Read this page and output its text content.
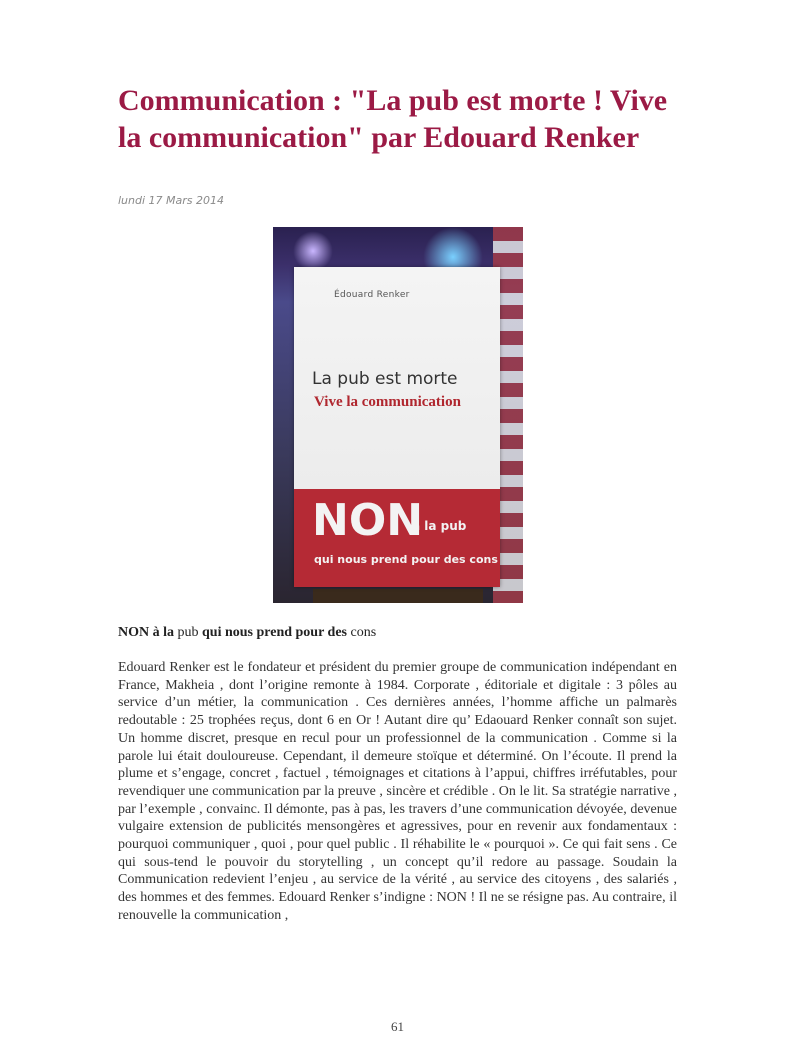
Communication : "La pub est morte ! Vive la communication" par Edouard Renker
lundi 17 Mars 2014
Édouard Renker
La pub est morte
Vive la communication
NON
à la pub
qui nous prend pour des cons
NON à la pub qui nous prend pour des cons

Edouard Renker est le fondateur et président du premier groupe de communication indépendant en France, Makheia , dont l’origine remonte à 1984. Corporate , éditoriale et digitale : 3 pôles au service d’un métier, la communication . Ces dernières années, l’homme affiche un palmarès redoutable : 25 trophées reçus, dont 6 en Or ! Autant dire qu’ Edaouard Renker connaît son sujet. Un homme discret, presque en recul pour un professionnel de la communication . Comme si la parole lui était douloureuse. Cependant, il demeure stoïque et déterminé. On l’écoute. Il prend la plume et s’engage, concret , factuel , témoignages et citations à l’appui, chiffres irréfutables, pour revendiquer une communication par la preuve , sincère et crédible . On le lit. Sa stratégie narrative , par l’exemple , convainc. Il démonte, pas à pas, les travers d’une communication dévoyée, devenue vulgaire extension de publicités mensongères et agressives, pour en revenir aux fondamentaux : pourquoi communiquer , quoi , pour quel public . Il réhabilite le « pourquoi ». Ce qui fait sens . Ce qui sous-tend le pouvoir du storytelling , un concept qu’il redore au passage. Soudain la Communication redevient l’enjeu , au service de la vérité , au service des citoyens , des salariés , des hommes et des femmes. Edouard Renker s’indigne : NON ! Il ne se résigne pas. Au contraire, il renouvelle la communication ,

61
